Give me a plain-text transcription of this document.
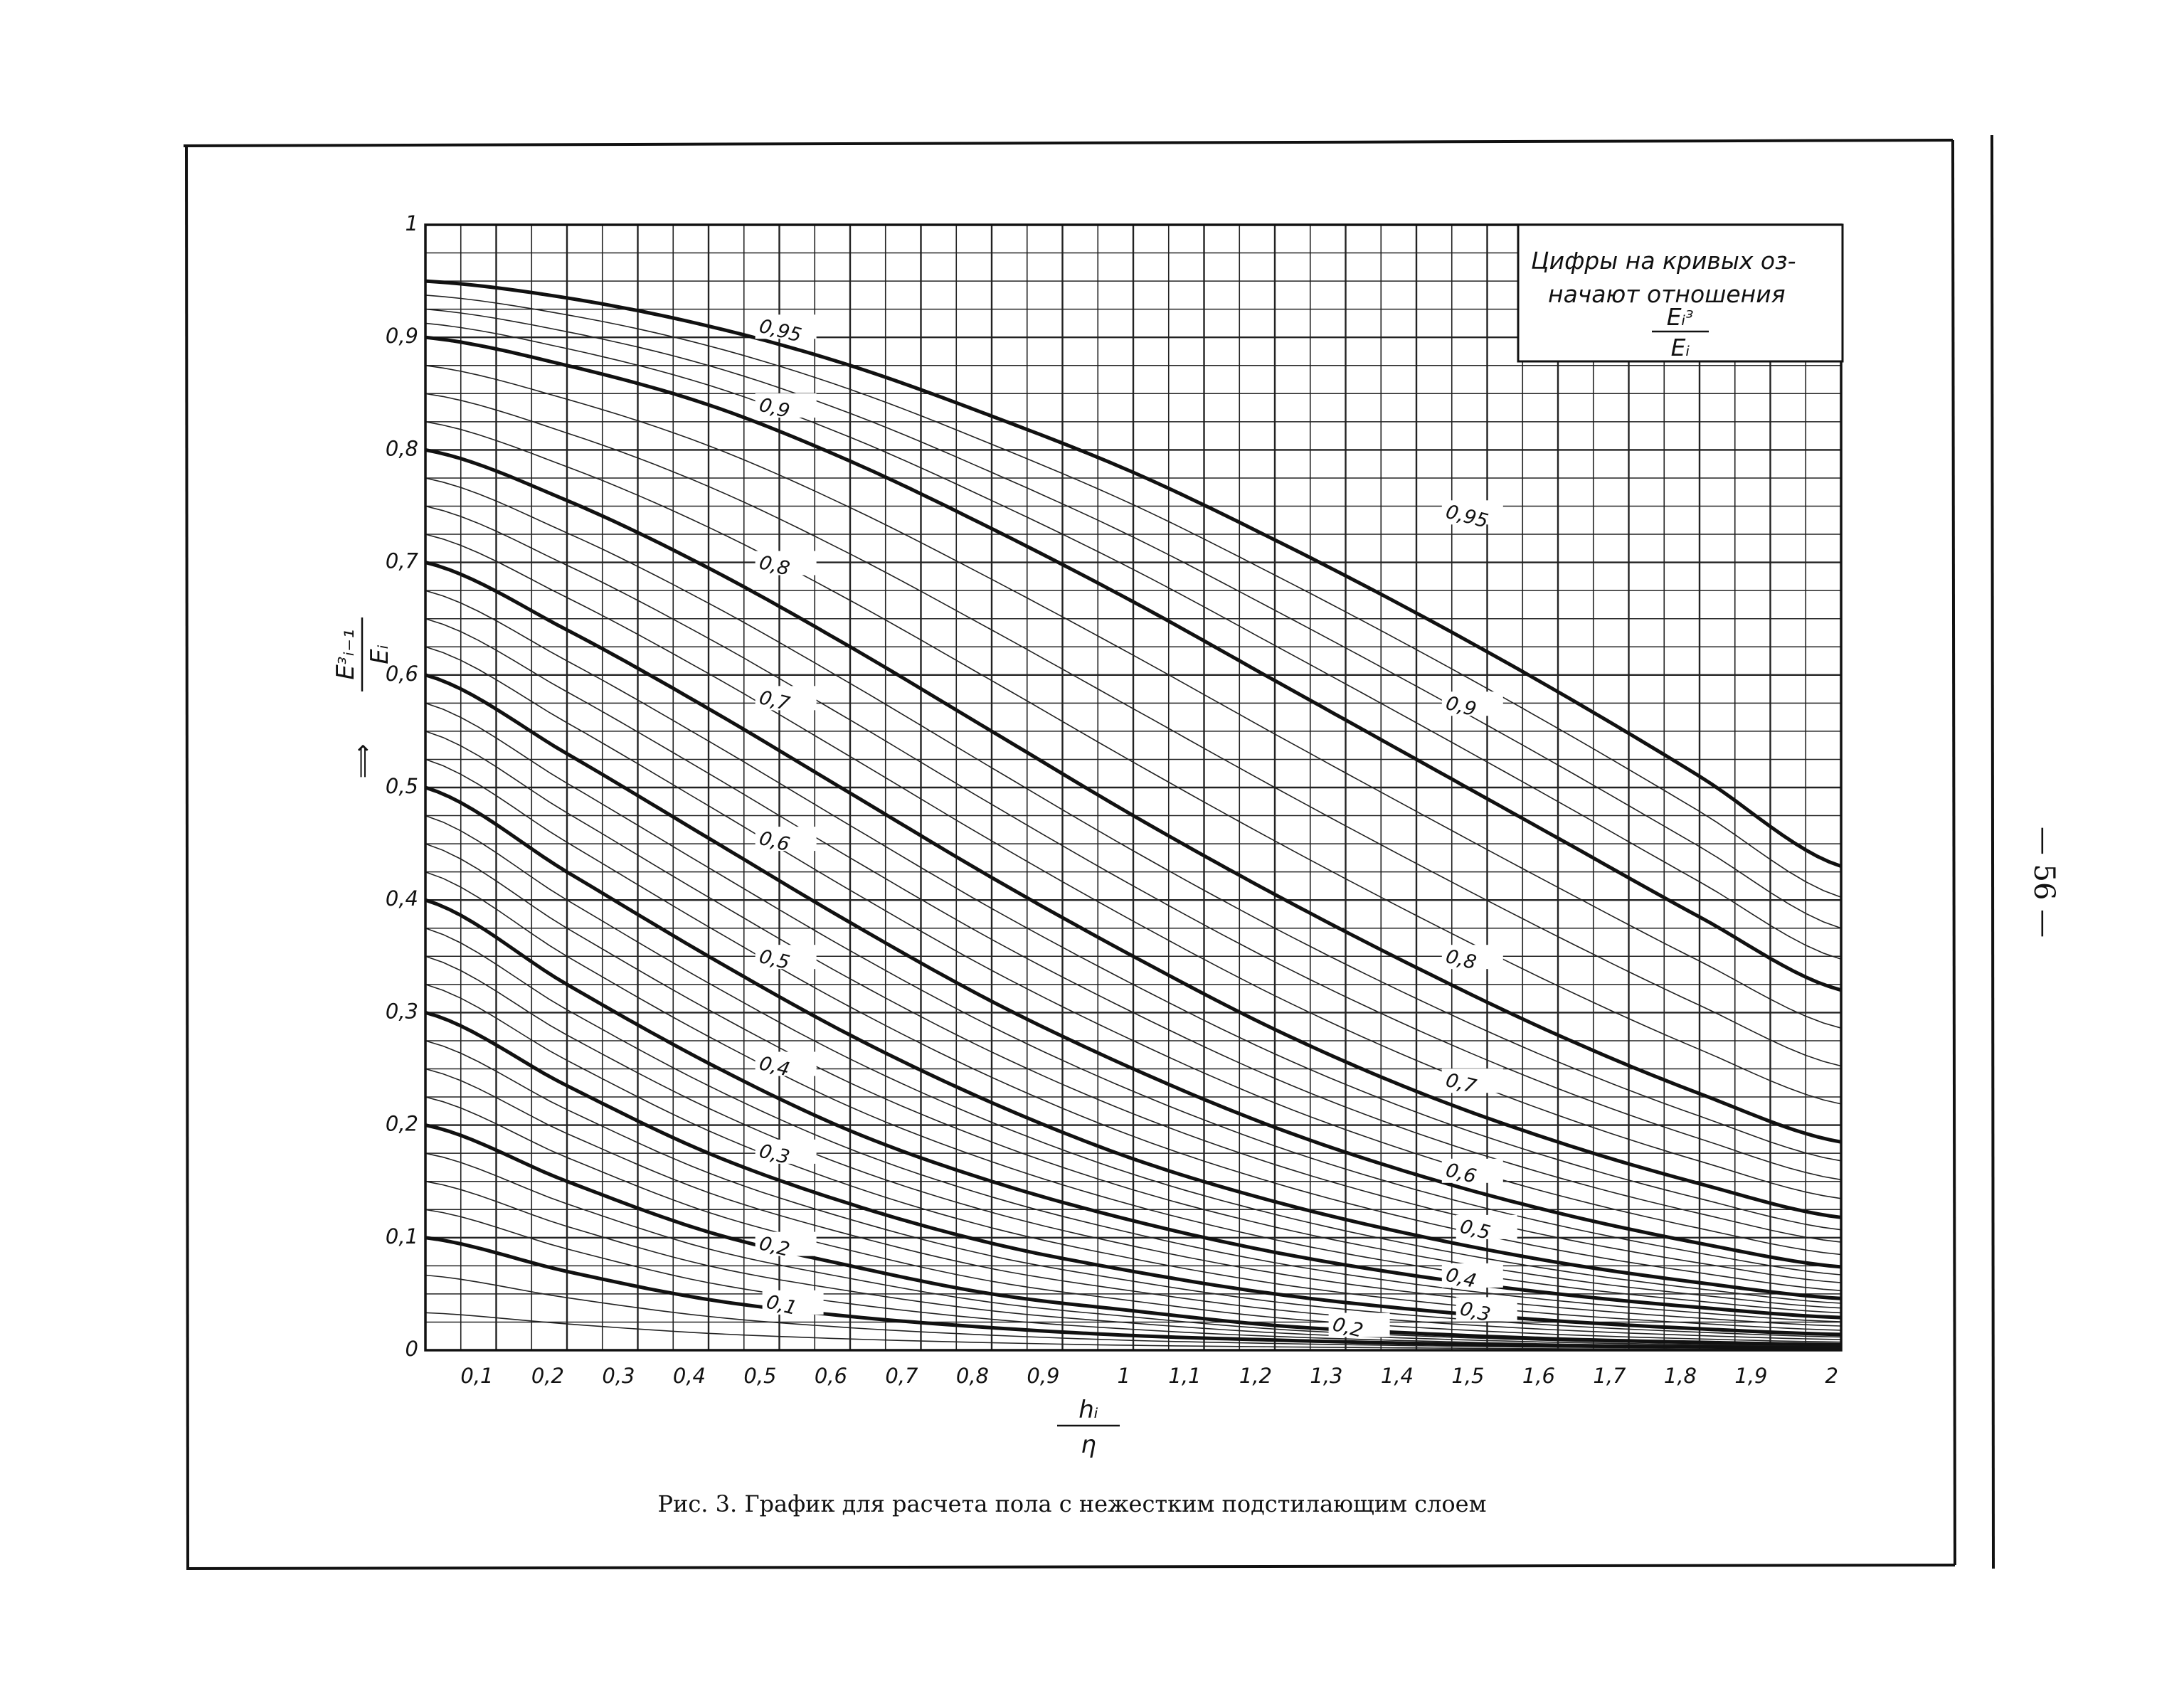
— 56 —
0,1
0,2
0,2
0,3
0,3
0,4
0,4
0,5
0,5
0,6
0,6
0,7
0,7
0,8
0,8
0,9
0,9
0,95
0,95
0
0,1
0,2
0,3
0,4
0,5
0,6
0,7
0,8
0,9
1
0,1 0,2 0,3 0,4 0,5 0,6 0,7 0,8 0,9	1 1,1 1,2 1,3 1,4 1,5 1,6 1,7 1,8 1,9	2
Цифры на кривых оз-
начают отношения
Eᵢᵌ
Eᵢ
Eᵌᵢ₋₁ Eᵢ
⟹
hᵢ
η
Рис. 3. График для расчета пола с нежестким подстилающим слоем
